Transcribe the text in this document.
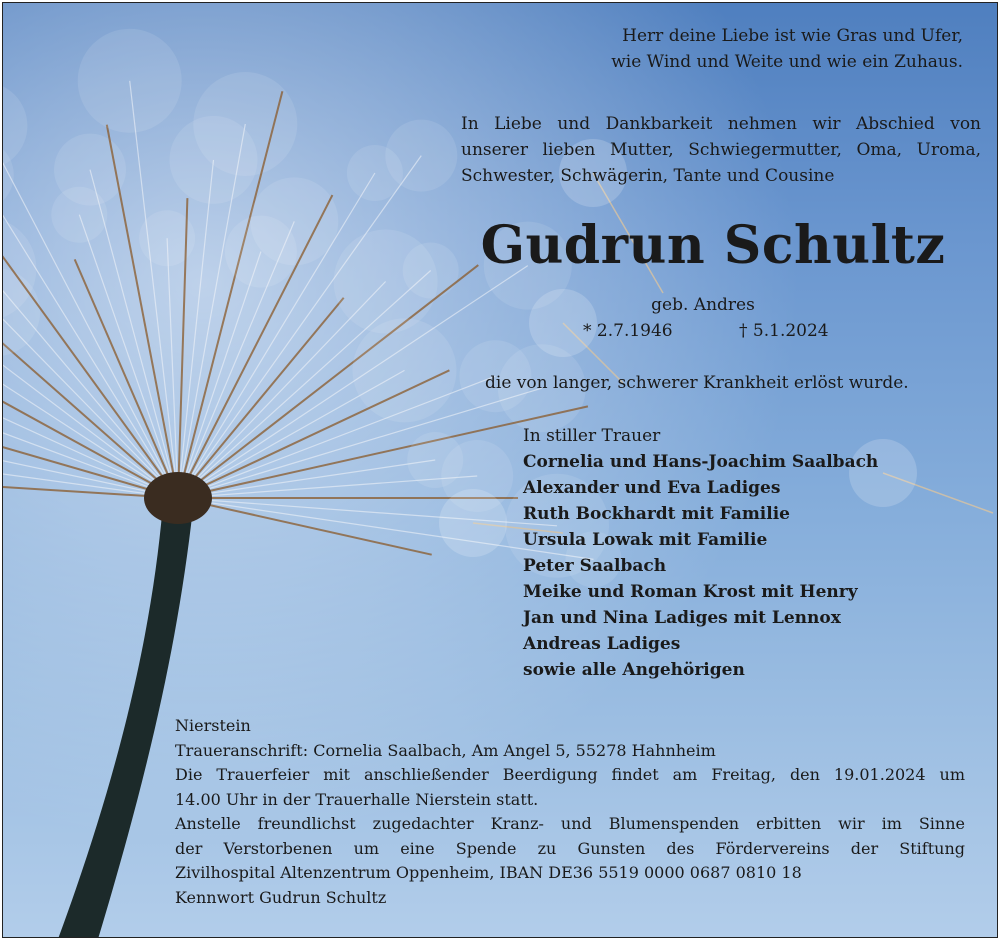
Herr deine Liebe ist wie Gras und Ufer,
wie Wind und Weite und wie ein Zuhaus.
In Liebe und Dankbarkeit nehmen wir Abschied von
unserer lieben Mutter, Schwiegermutter, Oma, Uroma,
Schwester, Schwägerin, Tante und Cousine
Gudrun Schultz
geb. Andres
* 2.7.1946	† 5.1.2024
die von langer, schwerer Krankheit erlöst wurde.
In stiller Trauer
Cornelia und Hans-Joachim Saalbach
Alexander und Eva Ladiges
Ruth Bockhardt mit Familie
Ursula Lowak mit Familie
Peter Saalbach
Meike und Roman Krost mit Henry
Jan und Nina Ladiges mit Lennox
Andreas Ladiges
sowie alle Angehörigen
Nierstein
Traueranschrift: Cornelia Saalbach, Am Angel 5, 55278 Hahnheim
Die Trauerfeier mit anschließender Beerdigung findet am Freitag, den 19.01.2024 um
14.00 Uhr in der Trauerhalle Nierstein statt.
Anstelle freundlichst zugedachter Kranz- und Blumenspenden erbitten wir im Sinne
der Verstorbenen um eine Spende zu Gunsten des Fördervereins der Stiftung
Zivilhospital Altenzentrum Oppenheim, IBAN DE36 5519 0000 0687 0810 18
Kennwort Gudrun Schultz
